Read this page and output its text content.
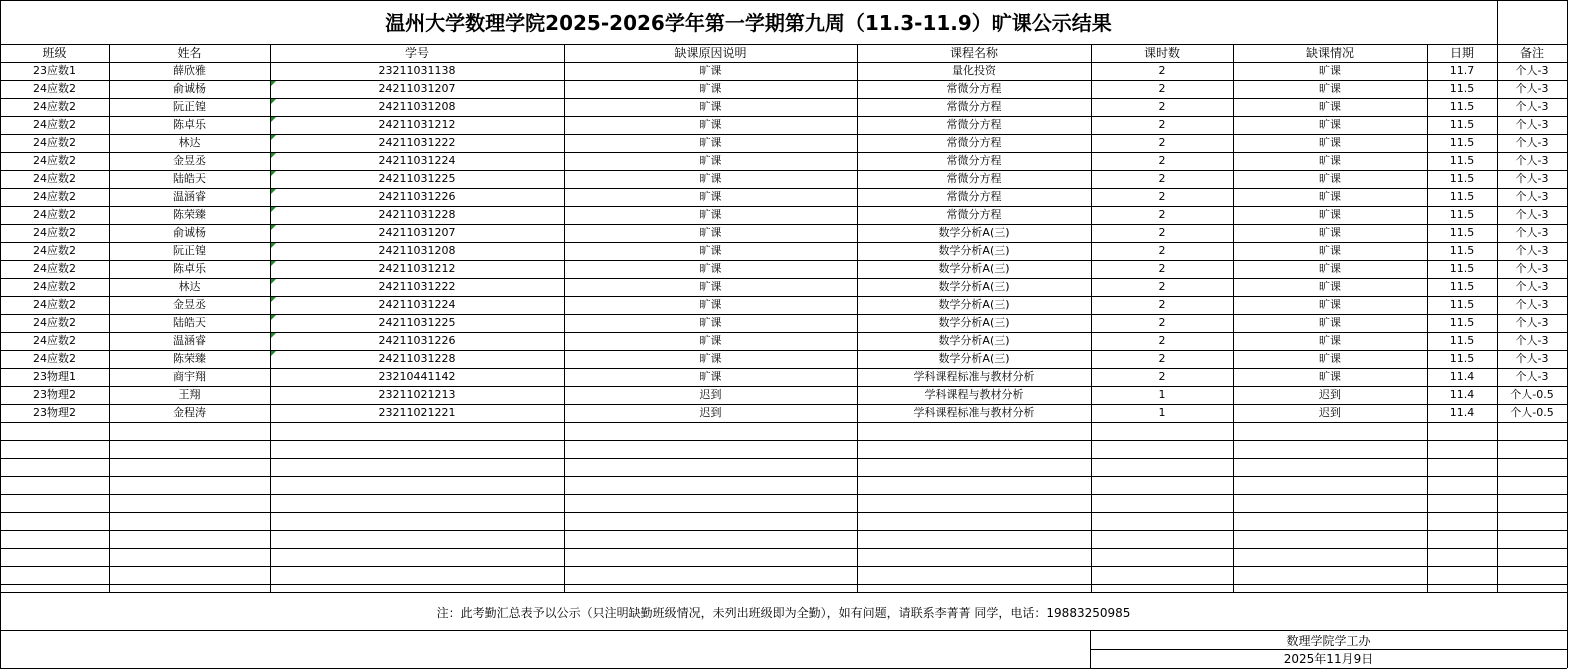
温州大学数理学院2025-2026学年第一学期第九周（11.3-11.9）旷课公示结果
班级	姓名	学号	缺课原因说明	课程名称	课时数	缺课情况	日期	备注
23应数1	薛欣雅	23211031138	旷课	量化投资	2	旷课	11.7	个人-3
24应数2	俞诚杨	24211031207	旷课	常微分方程	2	旷课	11.5	个人-3
24应数2	阮正锽	24211031208	旷课	常微分方程	2	旷课	11.5	个人-3
24应数2	陈卓乐	24211031212	旷课	常微分方程	2	旷课	11.5	个人-3
24应数2	林达	24211031222	旷课	常微分方程	2	旷课	11.5	个人-3
24应数2	金昱丞	24211031224	旷课	常微分方程	2	旷课	11.5	个人-3
24应数2	陆皓天	24211031225	旷课	常微分方程	2	旷课	11.5	个人-3
24应数2	温涵睿	24211031226	旷课	常微分方程	2	旷课	11.5	个人-3
24应数2	陈荣臻	24211031228	旷课	常微分方程	2	旷课	11.5	个人-3
24应数2	俞诚杨	24211031207	旷课	数学分析A(三)	2	旷课	11.5	个人-3
24应数2	阮正锽	24211031208	旷课	数学分析A(三)	2	旷课	11.5	个人-3
24应数2	陈卓乐	24211031212	旷课	数学分析A(三)	2	旷课	11.5	个人-3
24应数2	林达	24211031222	旷课	数学分析A(三)	2	旷课	11.5	个人-3
24应数2	金昱丞	24211031224	旷课	数学分析A(三)	2	旷课	11.5	个人-3
24应数2	陆皓天	24211031225	旷课	数学分析A(三)	2	旷课	11.5	个人-3
24应数2	温涵睿	24211031226	旷课	数学分析A(三)	2	旷课	11.5	个人-3
24应数2	陈荣臻	24211031228	旷课	数学分析A(三)	2	旷课	11.5	个人-3
23物理1	商宇翔	23210441142	旷课	学科课程标准与教材分析	2	旷课	11.4	个人-3
23物理2	王翔	23211021213	迟到	学科课程与教材分析	1	迟到	11.4	个人-0.5
23物理2	金程涛	23211021221	迟到	学科课程标准与教材分析	1	迟到	11.4	个人-0.5
注：此考勤汇总表予以公示（只注明缺勤班级情况，未列出班级即为全勤），如有问题，请联系李菁菁 同学，电话：19883250985
数理学院学工办
2025年11月9日
